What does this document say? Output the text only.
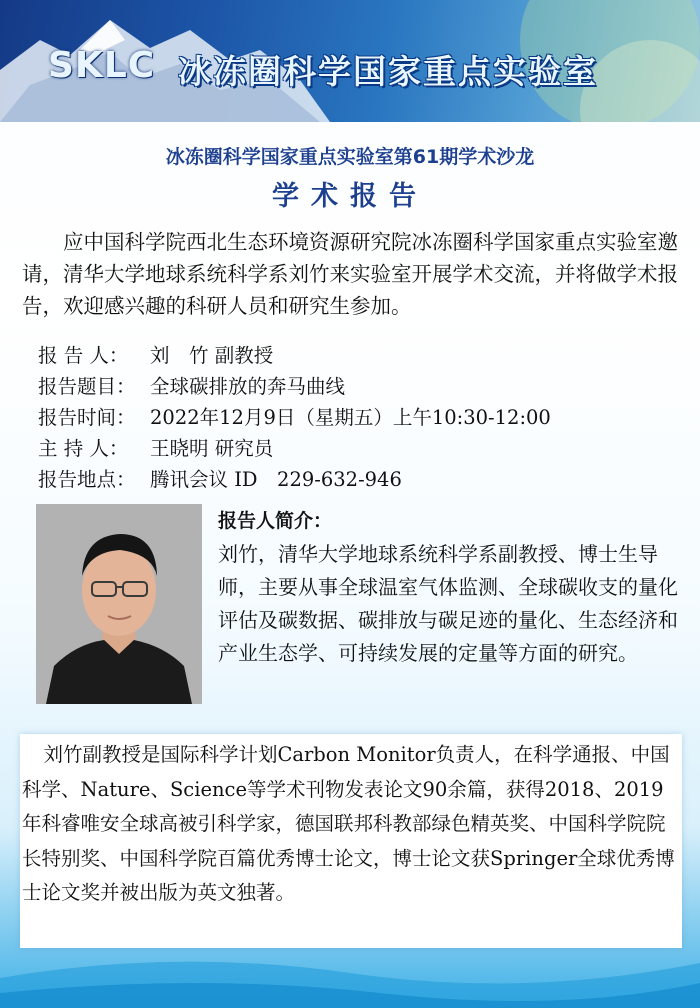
SKLC 冰冻圈科学国家重点实验室
冰冻圈科学国家重点实验室第61期学术沙龙
学术报告

应中国科学院西北生态环境资源研究院冰冻圈科学国家重点实验室邀请，清华大学地球系统科学系刘竹来实验室开展学术交流，并将做学术报告，欢迎感兴趣的科研人员和研究生参加。

报 告 人： 刘　竹 副教授
报告题目： 全球碳排放的奔马曲线
报告时间： 2022年12月9日（星期五）上午10:30-12:00
主 持 人： 王晓明 研究员
报告地点： 腾讯会议 ID　229-632-946
报告人简介：

刘竹，清华大学地球系统科学系副教授、博士生导师，主要从事全球温室气体监测、全球碳收支的量化评估及碳数据、碳排放与碳足迹的量化、生态经济和产业生态学、可持续发展的定量等方面的研究。

刘竹副教授是国际科学计划Carbon Monitor负责人，在科学通报、中国科学、Nature、Science等学术刊物发表论文90余篇，获得2018、2019年科睿唯安全球高被引科学家，德国联邦科教部绿色精英奖、中国科学院院长特别奖、中国科学院百篇优秀博士论文，博士论文获Springer全球优秀博士论文奖并被出版为英文独著。
